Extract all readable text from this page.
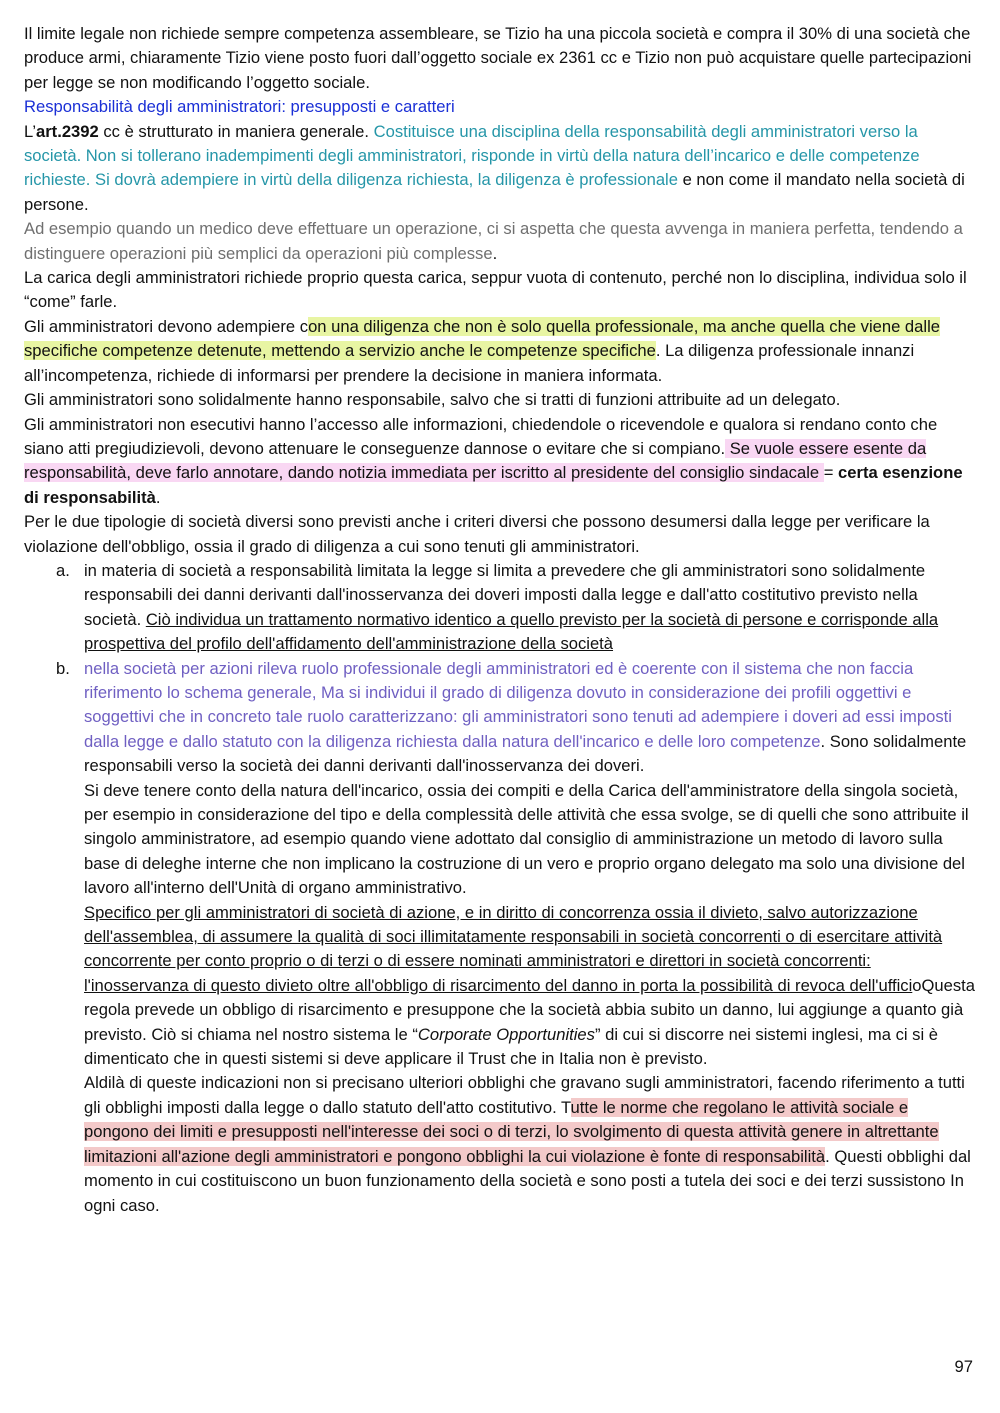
Il limite legale non richiede sempre competenza assembleare, se Tizio ha una piccola società e compra il 30% di una società che produce armi, chiaramente Tizio viene posto fuori dall’oggetto sociale ex 2361 cc e Tizio non può acquistare quelle partecipazioni per legge se non modificando l’oggetto sociale.

Responsabilità degli amministratori: presupposti e caratteri

L’art.2392 cc è strutturato in maniera generale. Costituisce una disciplina della responsabilità degli amministratori verso la società. Non si tollerano inadempimenti degli amministratori, risponde in virtù della natura dell’incarico e delle competenze richieste. Si dovrà adempiere in virtù della diligenza richiesta, la diligenza è professionale e non come il mandato nella società di persone.

Ad esempio quando un medico deve effettuare un operazione, ci si aspetta che questa avvenga in maniera perfetta, tendendo a distinguere operazioni più semplici da operazioni più complesse.

La carica degli amministratori richiede proprio questa carica, seppur vuota di contenuto, perché non lo disciplina, individua solo il “come” farle.

Gli amministratori devono adempiere con una diligenza che non è solo quella professionale, ma anche quella che viene dalle specifiche competenze detenute, mettendo a servizio anche le competenze specifiche. La diligenza professionale innanzi all’incompetenza, richiede di informarsi per prendere la decisione in maniera informata.

Gli amministratori sono solidalmente hanno responsabile, salvo che si tratti di funzioni attribuite ad un delegato.

Gli amministratori non esecutivi hanno l’accesso alle informazioni, chiedendole o ricevendole e qualora si rendano conto che siano atti pregiudizievoli, devono attenuare le conseguenze dannose o evitare che si compiano. Se vuole essere esente da responsabilità, deve farlo annotare, dando notizia immediata per iscritto al presidente del consiglio sindacale = certa esenzione di responsabilità.

Per le due tipologie di società diversi sono previsti anche i criteri diversi che possono desumersi dalla legge per verificare la violazione dell'obbligo, ossia il grado di diligenza a cui sono tenuti gli amministratori.

a. in materia di società a responsabilità limitata la legge si limita a prevedere che gli amministratori sono solidalmente responsabili dei danni derivanti dall'inosservanza dei doveri imposti dalla legge e dall'atto costitutivo previsto nella società. Ciò individua un trattamento normativo identico a quello previsto per la società di persone e corrisponde alla prospettiva del profilo dell'affidamento dell'amministrazione della società
b. nella società per azioni rileva ruolo professionale degli amministratori ed è coerente con il sistema che non faccia riferimento lo schema generale, Ma si individui il grado di diligenza dovuto in considerazione dei profili oggettivi e soggettivi che in concreto tale ruolo caratterizzano: gli amministratori sono tenuti ad adempiere i doveri ad essi imposti dalla legge e dallo statuto con la diligenza richiesta dalla natura dell'incarico e delle loro competenze. Sono solidalmente responsabili verso la società dei danni derivanti dall'inosservanza dei doveri.

Si deve tenere conto della natura dell'incarico, ossia dei compiti e della Carica dell'amministratore della singola società, per esempio in considerazione del tipo e della complessità delle attività che essa svolge, se di quelli che sono attribuite il singolo amministratore, ad esempio quando viene adottato dal consiglio di amministrazione un metodo di lavoro sulla base di deleghe interne che non implicano la costruzione di un vero e proprio organo delegato ma solo una divisione del lavoro all'interno dell'Unità di organo amministrativo.

Specifico per gli amministratori di società di azione, e in diritto di concorrenza ossia il divieto, salvo autorizzazione dell'assemblea, di assumere la qualità di soci illimitatamente responsabili in società concorrenti o di esercitare attività concorrente per conto proprio o di terzi o di essere nominati amministratori e direttori in società concorrenti: l'inosservanza di questo divieto oltre all'obbligo di risarcimento del danno in porta la possibilità di revoca dell'ufficioQuesta regola prevede un obbligo di risarcimento e presuppone che la società abbia subito un danno, lui aggiunge a quanto già previsto. Ciò si chiama nel nostro sistema le “Corporate Opportunities” di cui si discorre nei sistemi inglesi, ma ci si è dimenticato che in questi sistemi si deve applicare il Trust che in Italia non è previsto.

Aldilà di queste indicazioni non si precisano ulteriori obblighi che gravano sugli amministratori, facendo riferimento a tutti gli obblighi imposti dalla legge o dallo statuto dell'atto costitutivo. Tutte le norme che regolano le attività sociale e pongono dei limiti e presupposti nell'interesse dei soci o di terzi, lo svolgimento di questa attività genere in altrettante limitazioni all'azione degli amministratori e pongono obblighi la cui violazione è fonte di responsabilità. Questi obblighi dal momento in cui costituiscono un buon funzionamento della società e sono posti a tutela dei soci e dei terzi sussistono In ogni caso.

97
